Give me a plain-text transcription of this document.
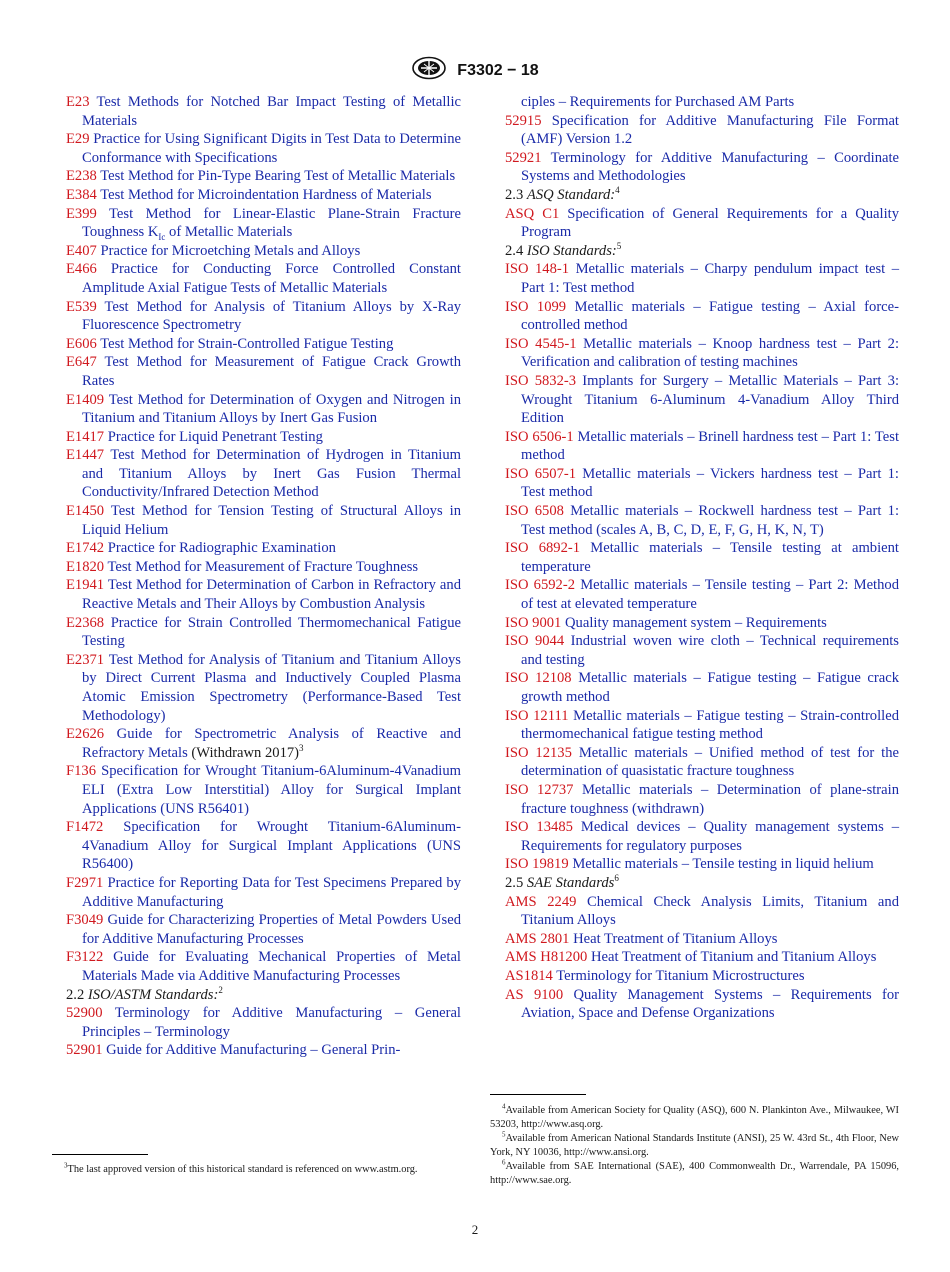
F3302 − 18
E23 Test Methods for Notched Bar Impact Testing of Metallic Materials
E29 Practice for Using Significant Digits in Test Data to Determine Conformance with Specifications
E238 Test Method for Pin-Type Bearing Test of Metallic Materials
E384 Test Method for Microindentation Hardness of Materials
E399 Test Method for Linear-Elastic Plane-Strain Fracture Toughness $K_{Ic}$ of Metallic Materials
E407 Practice for Microetching Metals and Alloys
E466 Practice for Conducting Force Controlled Constant Amplitude Axial Fatigue Tests of Metallic Materials
E539 Test Method for Analysis of Titanium Alloys by X-Ray Fluorescence Spectrometry
E606 Test Method for Strain-Controlled Fatigue Testing
E647 Test Method for Measurement of Fatigue Crack Growth Rates
E1409 Test Method for Determination of Oxygen and Nitrogen in Titanium and Titanium Alloys by Inert Gas Fusion
E1417 Practice for Liquid Penetrant Testing
E1447 Test Method for Determination of Hydrogen in Titanium and Titanium Alloys by Inert Gas Fusion Thermal Conductivity/Infrared Detection Method
E1450 Test Method for Tension Testing of Structural Alloys in Liquid Helium
E1742 Practice for Radiographic Examination
E1820 Test Method for Measurement of Fracture Toughness
E1941 Test Method for Determination of Carbon in Refractory and Reactive Metals and Their Alloys by Combustion Analysis
E2368 Practice for Strain Controlled Thermomechanical Fatigue Testing
E2371 Test Method for Analysis of Titanium and Titanium Alloys by Direct Current Plasma and Inductively Coupled Plasma Atomic Emission Spectrometry (Performance-Based Test Methodology)
E2626 Guide for Spectrometric Analysis of Reactive and Refractory Metals (Withdrawn 2017)$^3$
F136 Specification for Wrought Titanium-6Aluminum-4Vanadium ELI (Extra Low Interstitial) Alloy for Surgical Implant Applications (UNS R56401)
F1472 Specification for Wrought Titanium-6Aluminum-4Vanadium Alloy for Surgical Implant Applications (UNS R56400)
F2971 Practice for Reporting Data for Test Specimens Prepared by Additive Manufacturing
F3049 Guide for Characterizing Properties of Metal Powders Used for Additive Manufacturing Processes
F3122 Guide for Evaluating Mechanical Properties of Metal Materials Made via Additive Manufacturing Processes
2.2 ISO/ASTM Standards:$^2$
52900 Terminology for Additive Manufacturing – General Principles – Terminology
52901 Guide for Additive Manufacturing – General Prin-
ciples – Requirements for Purchased AM Parts
52915 Specification for Additive Manufacturing File Format (AMF) Version 1.2
52921 Terminology for Additive Manufacturing – Coordinate Systems and Methodologies
2.3 ASQ Standard:$^4$
ASQ C1 Specification of General Requirements for a Quality Program
2.4 ISO Standards:$^5$
ISO 148-1 Metallic materials – Charpy pendulum impact test – Part 1: Test method
ISO 1099 Metallic materials – Fatigue testing – Axial force-controlled method
ISO 4545-1 Metallic materials – Knoop hardness test – Part 2: Verification and calibration of testing machines
ISO 5832-3 Implants for Surgery – Metallic Materials – Part 3: Wrought Titanium 6-Aluminum 4-Vanadium Alloy Third Edition
ISO 6506-1 Metallic materials – Brinell hardness test – Part 1: Test method
ISO 6507-1 Metallic materials – Vickers hardness test – Part 1: Test method
ISO 6508 Metallic materials – Rockwell hardness test – Part 1: Test method (scales A, B, C, D, E, F, G, H, K, N, T)
ISO 6892-1 Metallic materials – Tensile testing at ambient temperature
ISO 6592-2 Metallic materials – Tensile testing – Part 2: Method of test at elevated temperature
ISO 9001 Quality management system – Requirements
ISO 9044 Industrial woven wire cloth – Technical requirements and testing
ISO 12108 Metallic materials – Fatigue testing – Fatigue crack growth method
ISO 12111 Metallic materials – Fatigue testing – Strain-controlled thermomechanical fatigue testing method
ISO 12135 Metallic materials – Unified method of test for the determination of quasistatic fracture toughness
ISO 12737 Metallic materials – Determination of plane-strain fracture toughness (withdrawn)
ISO 13485 Medical devices – Quality management systems – Requirements for regulatory purposes
ISO 19819 Metallic materials – Tensile testing in liquid helium
2.5 SAE Standards$^6$
AMS 2249 Chemical Check Analysis Limits, Titanium and Titanium Alloys
AMS 2801 Heat Treatment of Titanium Alloys
AMS H81200 Heat Treatment of Titanium and Titanium Alloys
AS1814 Terminology for Titanium Microstructures
AS 9100 Quality Management Systems – Requirements for Aviation, Space and Defense Organizations
$^3$The last approved version of this historical standard is referenced on www.astm.org.
$^4$Available from American Society for Quality (ASQ), 600 N. Plankinton Ave., Milwaukee, WI 53203, http://www.asq.org.
$^5$Available from American National Standards Institute (ANSI), 25 W. 43rd St., 4th Floor, New York, NY 10036, http://www.ansi.org.
$^6$Available from SAE International (SAE), 400 Commonwealth Dr., Warrendale, PA 15096, http://www.sae.org.
2
